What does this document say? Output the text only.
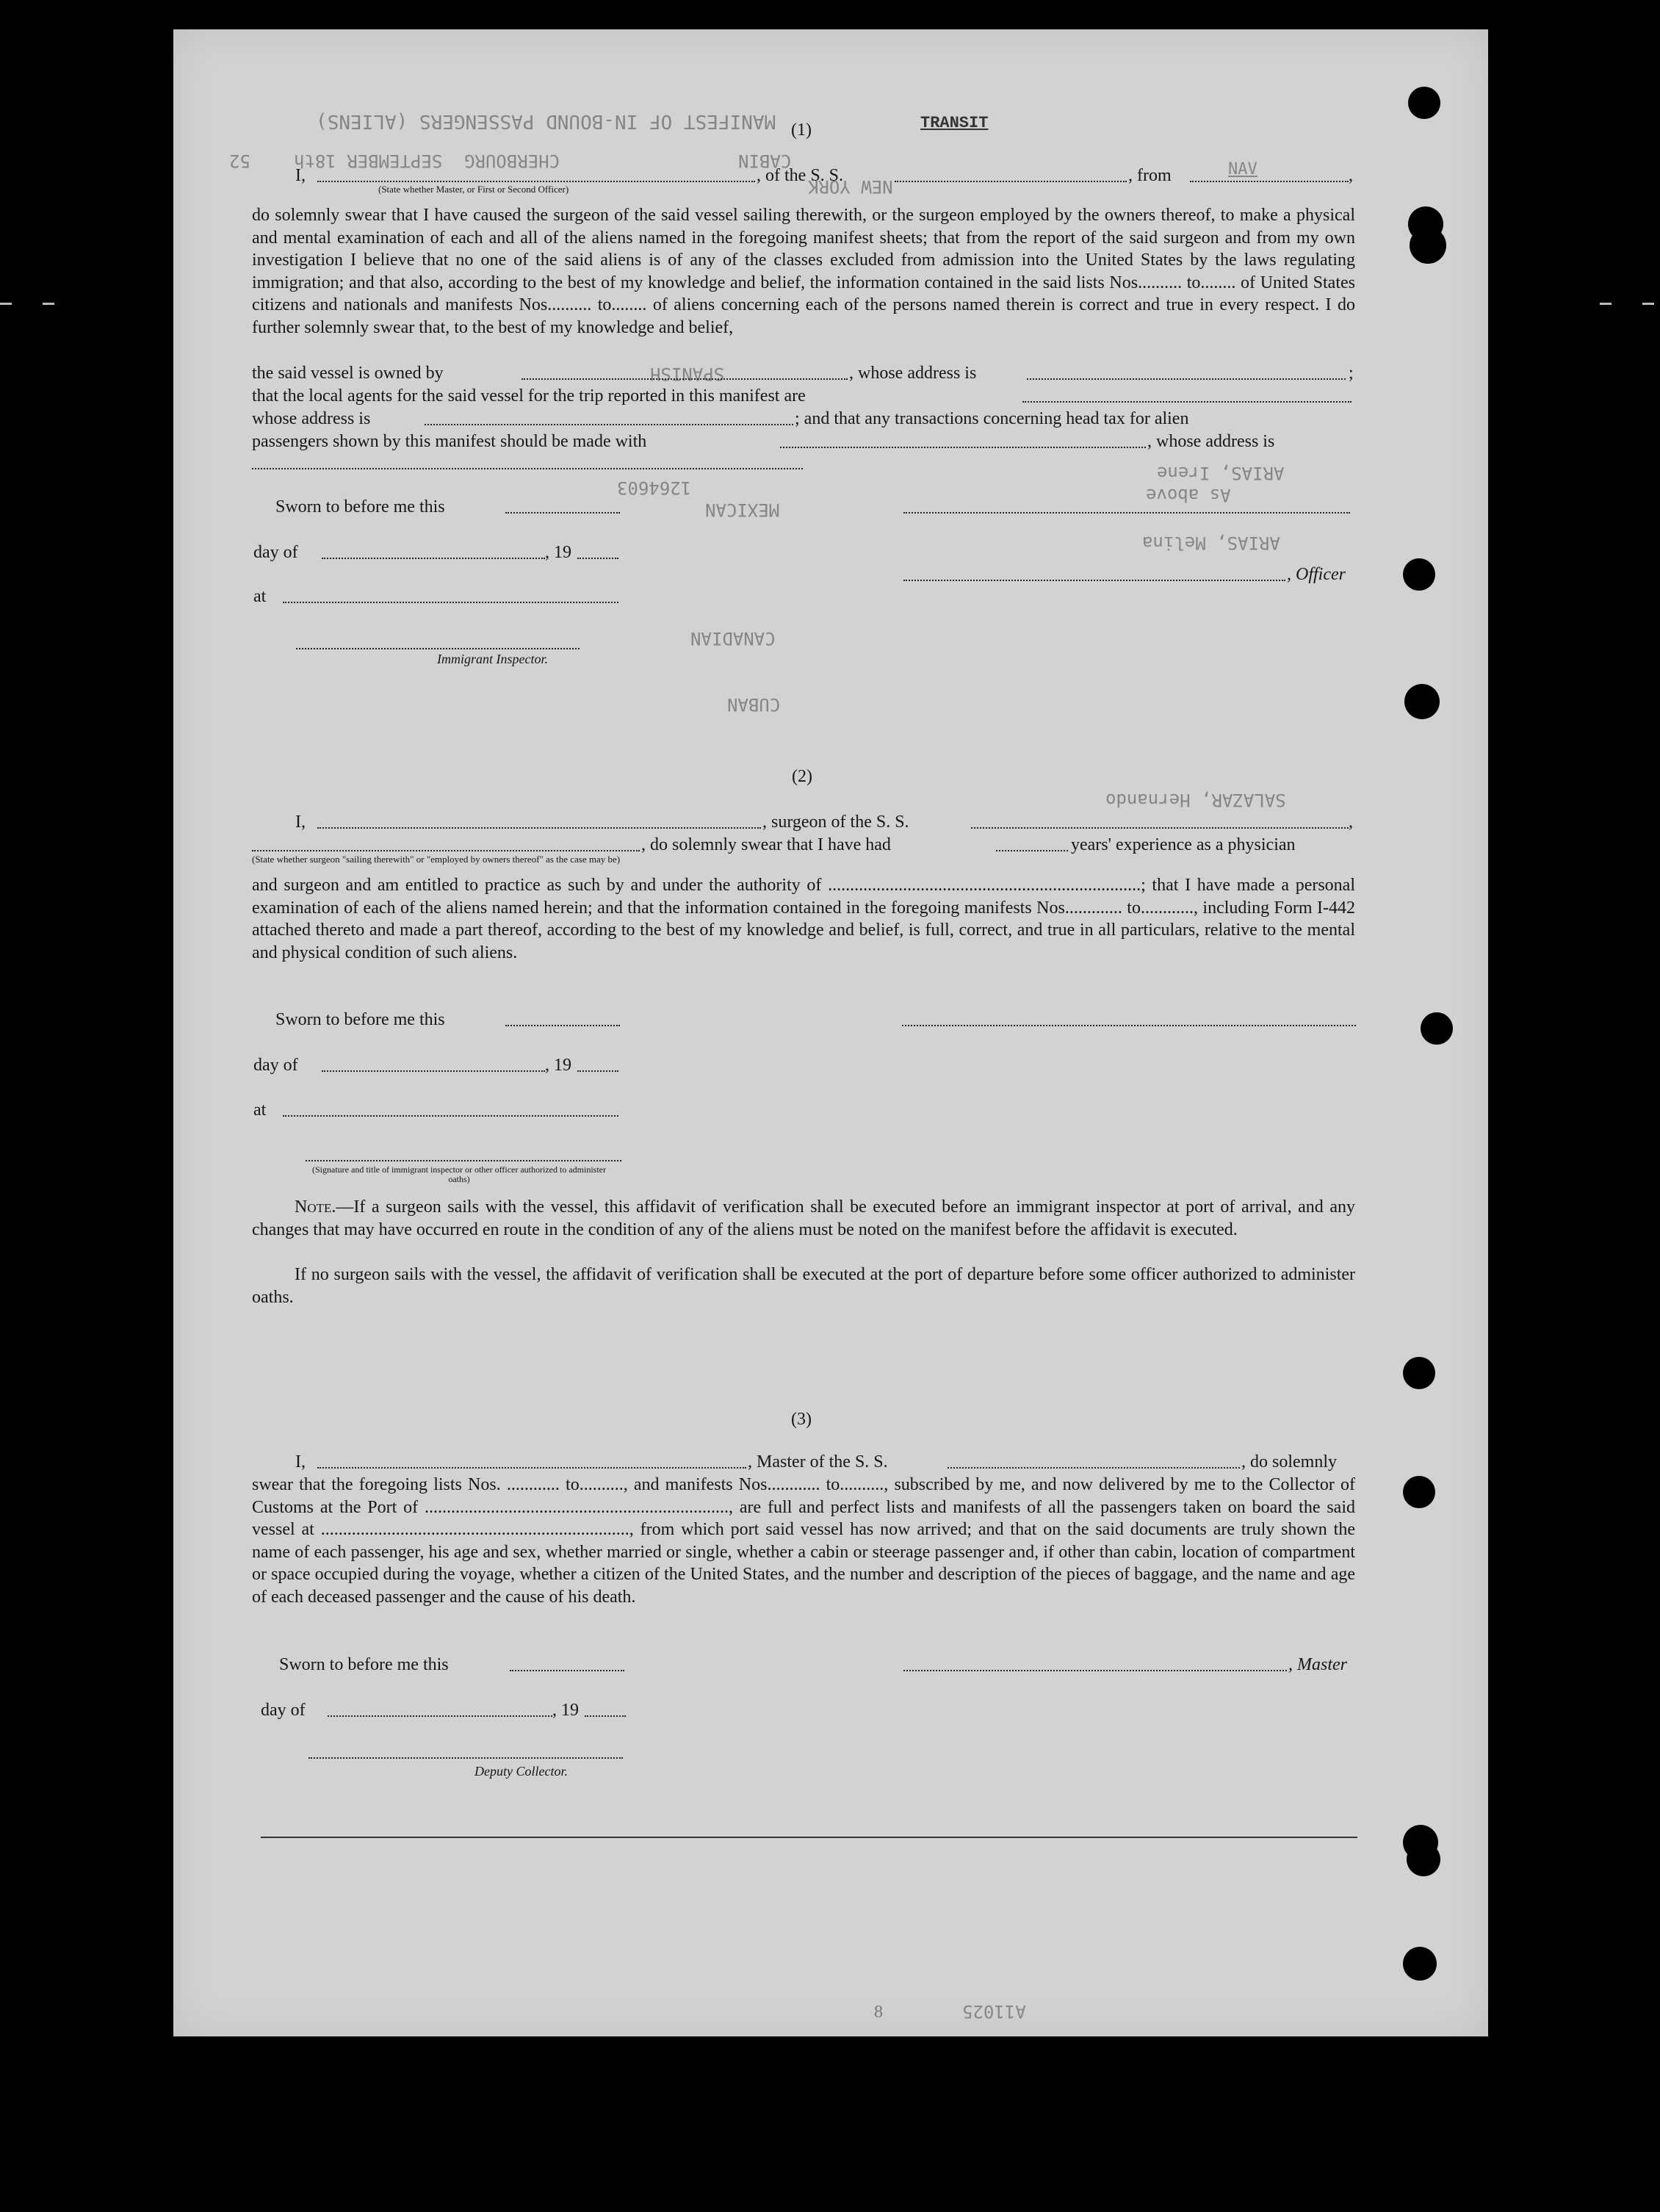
TRANSIT
NAV
8	A11025
MANIFEST OF IN-BOUND PASSENGERS (ALIENS)
CABIN
CHERBOURG
SEPTEMBER 18th
52
NEW YORK
SPANISH
ARIAS, Irene
As above
MEXICAN
1264603
ARIAS, Melina
CANADIAN
CUBAN
SALAZAR, Hernando
(1)
I,	, of the S. S.	, from	,
(State whether Master, or First or Second Officer)
do solemnly swear that I have caused the surgeon of the said vessel sailing therewith, or the surgeon employed by the owners thereof, to make a physical and mental examination of each and all of the aliens named in the foregoing manifest sheets; that from the report of the said surgeon and from my own investigation I believe that no one of the said aliens is of any of the classes excluded from admission into the United States by the laws regulating immigration; and that also, according to the best of my knowledge and belief, the information contained in the said lists Nos.......... to........ of United States citizens and nationals and manifests Nos.......... to........ of aliens concerning each of the persons named therein is correct and true in every respect. I do further solemnly swear that, to the best of my knowledge and belief,
the said vessel is owned by	, whose address is	;
that the local agents for the said vessel for the trip reported in this manifest are
whose address is	; and that any transactions concerning head tax for alien
passengers shown by this manifest should be made with	, whose address is
Sworn to before me this
day of	, 19
, Officer
at
Immigrant Inspector.
(2)
I,	, surgeon of the S. S.	,
, do solemnly swear that I have had	years' experience as a physician
(State whether surgeon "sailing therewith" or "employed by owners thereof" as the case may be)
and surgeon and am entitled to practice as such by and under the authority of .......................................................................; that I have made a personal examination of each of the aliens named herein; and that the information contained in the foregoing manifests Nos............. to............, including Form I-442 attached thereto and made a part thereof, according to the best of my knowledge and belief, is full, correct, and true in all particulars, relative to the mental and physical condition of such aliens.
Sworn to before me this
day of	, 19
at
(Signature and title of immigrant inspector or other officer authorized to administer oaths)
Note.—If a surgeon sails with the vessel, this affidavit of verification shall be executed before an immigrant inspector at port of arrival, and any changes that may have occurred en route in the condition of any of the aliens must be noted on the manifest before the affidavit is executed.
If no surgeon sails with the vessel, the affidavit of verification shall be executed at the port of departure before some officer authorized to administer oaths.
(3)
I,	, Master of the S. S.	, do solemnly
swear that the foregoing lists Nos. ............ to.........., and manifests Nos............ to.........., subscribed by me, and now delivered by me to the Collector of Customs at the Port of ....................................................................., are full and perfect lists and manifests of all the passengers taken on board the said vessel at ......................................................................, from which port said vessel has now arrived; and that on the said documents are truly shown the name of each passenger, his age and sex, whether married or single, whether a cabin or steerage passenger and, if other than cabin, location of compartment or space occupied during the voyage, whether a citizen of the United States, and the number and description of the pieces of baggage, and the name and age of each deceased passenger and the cause of his death.
Sworn to before me this	, Master
day of	, 19
Deputy Collector.
